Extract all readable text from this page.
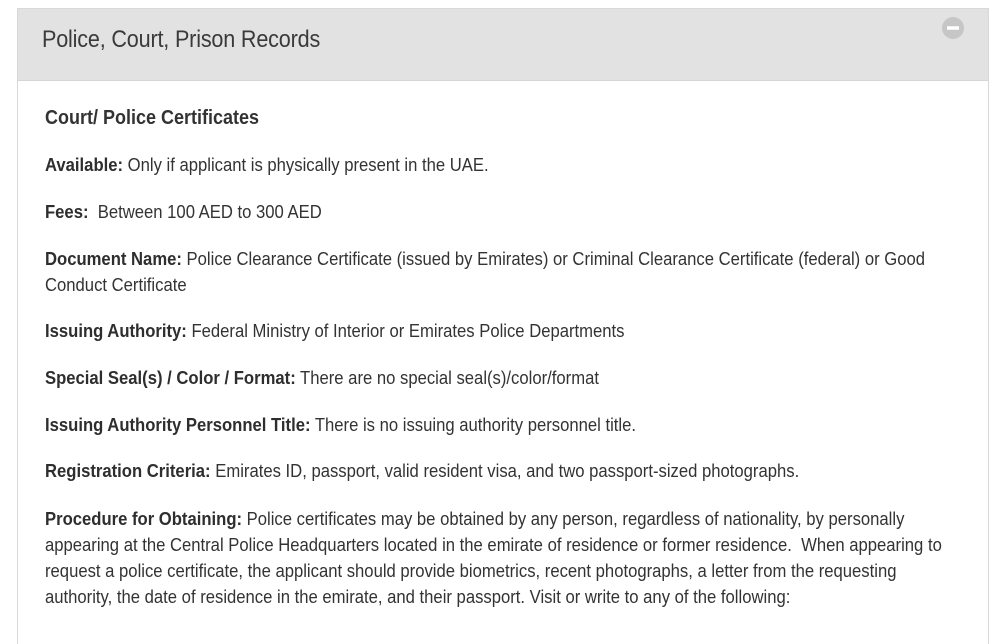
Police, Court, Prison Records
Court/ Police Certificates

Available: Only if applicant is physically present in the UAE.

Fees:  Between 100 AED to 300 AED

Document Name: Police Clearance Certificate (issued by Emirates) or Criminal Clearance Certificate (federal) or Good Conduct Certificate

Issuing Authority: Federal Ministry of Interior or Emirates Police Departments

Special Seal(s) / Color / Format: There are no special seal(s)/color/format

Issuing Authority Personnel Title: There is no issuing authority personnel title.

Registration Criteria: Emirates ID, passport, valid resident visa, and two passport-sized photographs.

Procedure for Obtaining: Police certificates may be obtained by any person, regardless of nationality, by personally appearing at the Central Police Headquarters located in the emirate of residence or former residence.  When appearing to request a police certificate, the applicant should provide biometrics, recent photographs, a letter from the requesting authority, the date of residence in the emirate, and their passport. Visit or write to any of the following:
